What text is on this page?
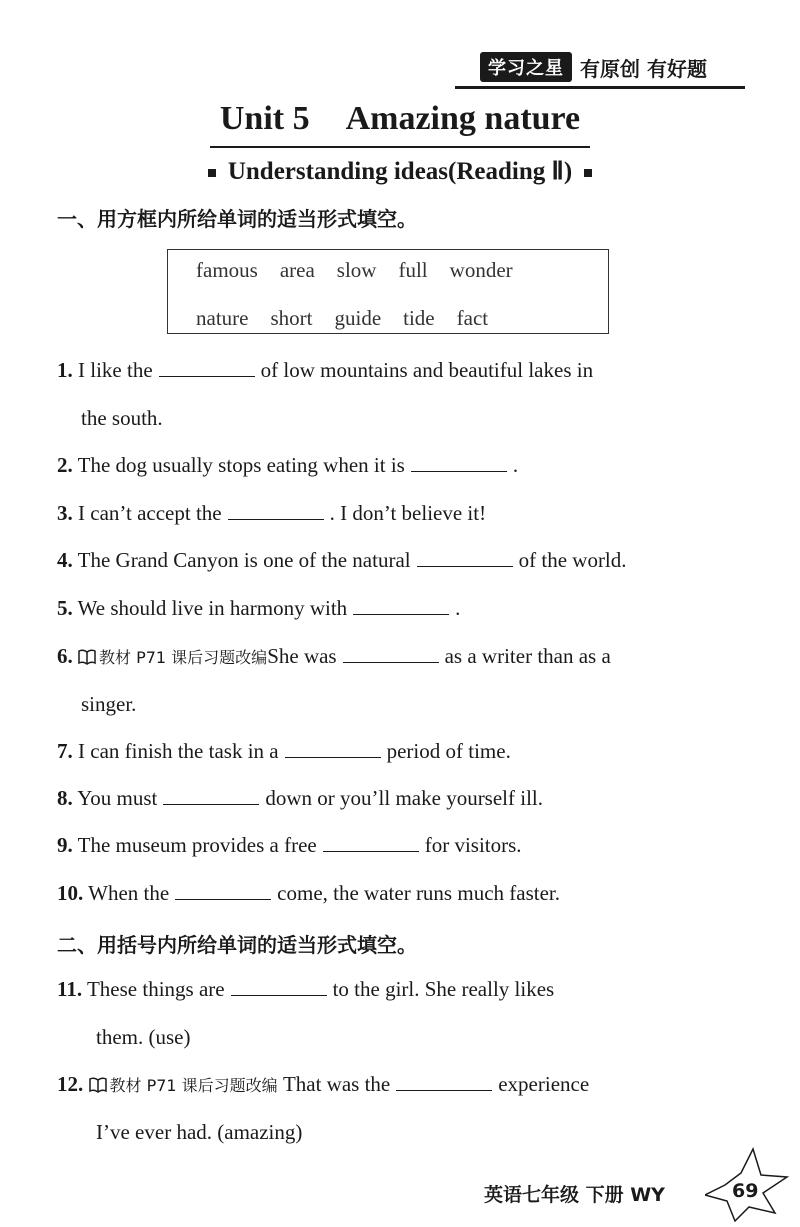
学习之星 有原创 有好题
Unit 5 Amazing nature
Understanding ideas(Reading Ⅱ)
一、用方框内所给单词的适当形式填空。
famous area slow full wonder
nature short guide tide fact
1. I like the	of low mountains and beautiful lakes in
the south.
2. The dog usually stops eating when it is	.
3. I can’t accept the	. I don’t believe it!
4. The Grand Canyon is one of the natural	of the world.
5. We should live in harmony with	.
6. 教材 P71 课后习题改编She was	as a writer than as a
singer.
7. I can finish the task in a	period of time.
8. You must	down or you’ll make yourself ill.
9. The museum provides a free	for visitors.
10. When the	come, the water runs much faster.
二、用括号内所给单词的适当形式填空。
11. These things are	to the girl. She really likes
them. (use)
12. 教材 P71 课后习题改编 That was the	experience
I’ve ever had. (amazing)
英语七年级 下册 WY	69
